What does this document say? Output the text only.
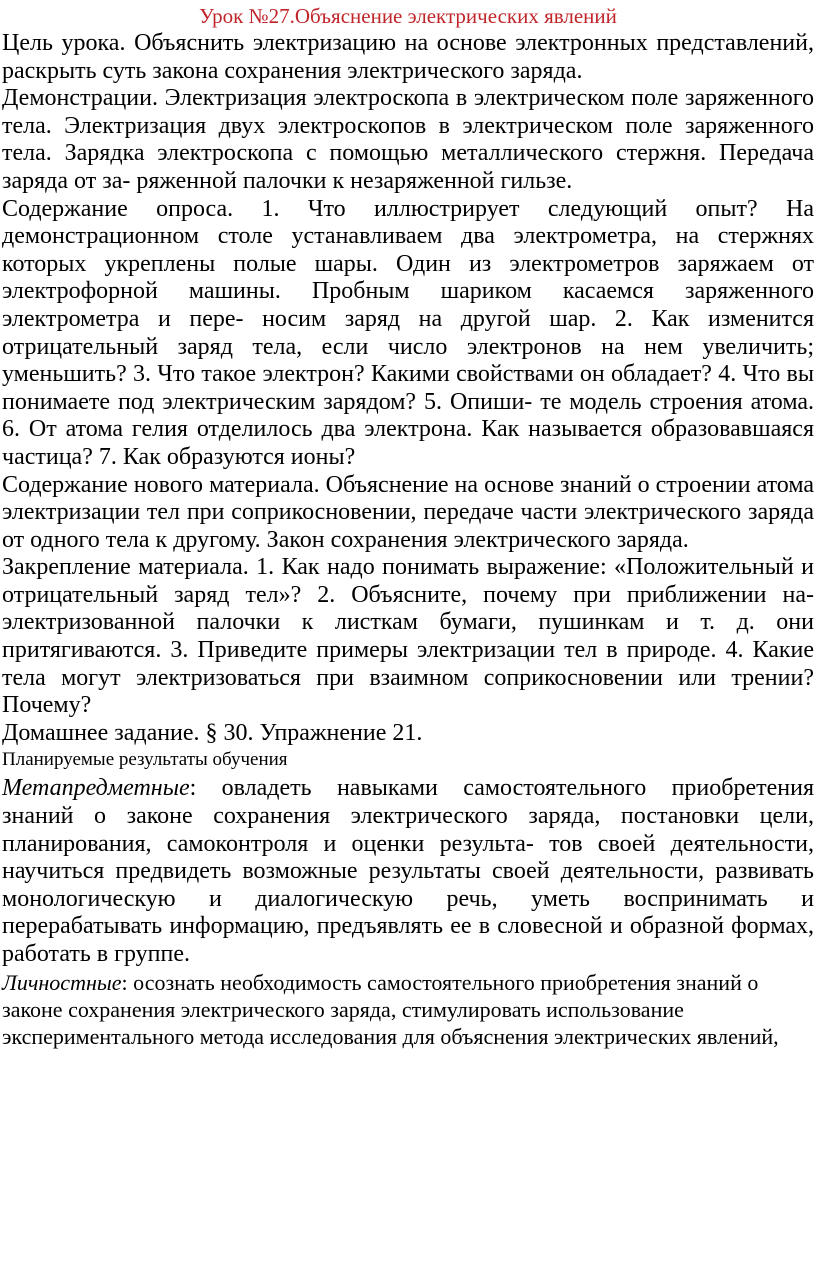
Урок №27.Объяснение электрических явлений

Цель урока. Объяснить электризацию на основе электронных представлений, раскрыть суть закона сохранения электрического заряда.

Демонстрации. Электризация электроскопа в электрическом поле заряженного тела. Электризация двух электроскопов в электрическом поле заряженного тела. Зарядка электроскопа с помощью металлического стержня. Передача заряда от за- ряженной палочки к незаряженной гильзе.

Содержание опроса. 1. Что иллюстрирует следующий опыт? На демонстрационном столе устанавливаем два электрометра, на стержнях которых укреплены полые шары. Один из электрометров заряжаем от электрофорной машины. Пробным шариком касаемся заряженного электрометра и пере- носим заряд на другой шар. 2. Как изменится отрицательный заряд тела, если число электронов на нем увеличить; уменьшить? 3. Что такое электрон? Какими свойствами он обладает? 4. Что вы понимаете под электрическим зарядом? 5. Опиши- те модель строения атома. 6. От атома гелия отделилось два электрона. Как называется образовавшаяся частица? 7. Как образуются ионы?

Содержание нового материала. Объяснение на основе знаний о строении атома электризации тел при соприкосновении, передаче части электрического заряда от одного тела к другому. Закон сохранения электрического заряда.

Закрепление материала. 1. Как надо понимать выражение: «Положительный и отрицательный заряд тел»? 2. Объясните, почему при приближении на- электризованной палочки к листкам бумаги, пушинкам и т. д. они притягиваются. 3. Приведите примеры электризации тел в природе. 4. Какие тела могут электризоваться при взаимном соприкосновении или трении? Почему?

Домашнее задание. § 30. Упражнение 21.

Планируемые результаты обучения

Метапредметные: овладеть навыками самостоятельного приобретения знаний о законе сохранения электрического заряда, постановки цели, планирования, самоконтроля и оценки результа- тов своей деятельности, научиться предвидеть возможные результаты своей деятельности, развивать монологическую и диалогическую речь, уметь воспринимать и перерабатывать информацию, предъявлять ее в словесной и образной формах, работать в группе.

Личностные: осознать необходимость самостоятельного приобретения знаний о законе сохранения электрического заряда, стимулировать использование экспериментального метода исследования для объяснения электрических явлений,
